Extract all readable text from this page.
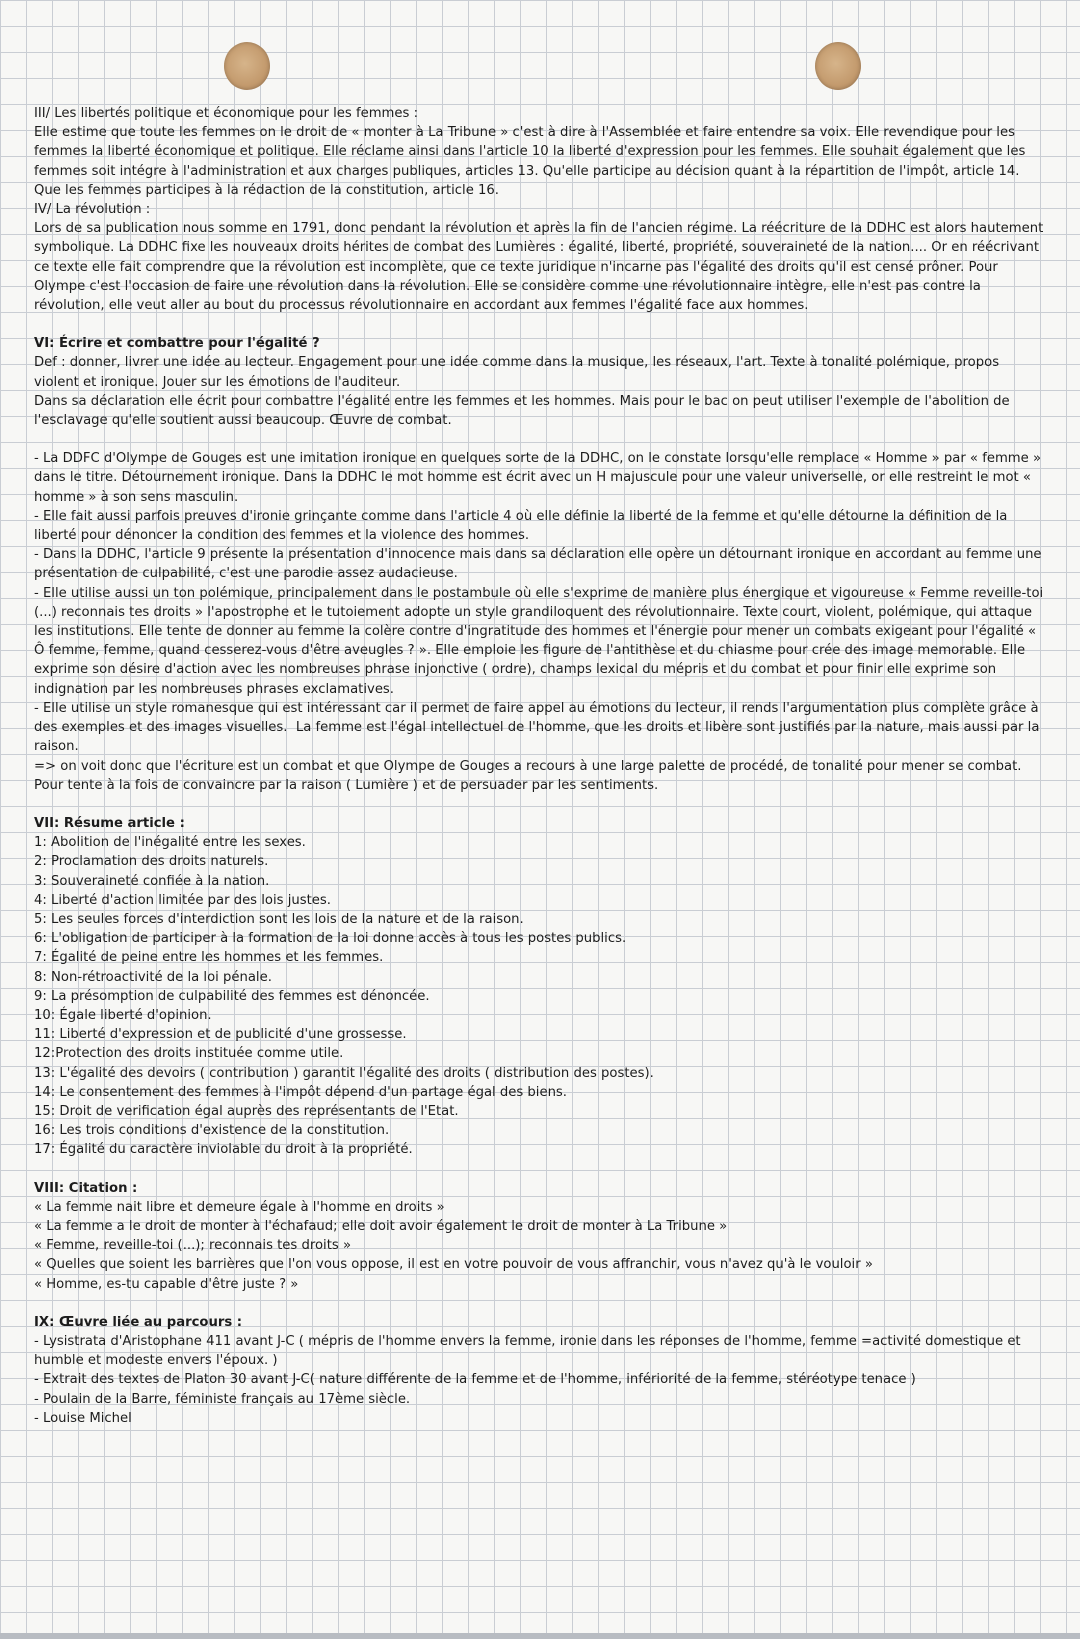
III/ Les libertés politique et économique pour les femmes :

Elle estime que toute les femmes on le droit de « monter à La Tribune » c'est à dire à l'Assemblée et faire entendre sa voix. Elle revendique pour les femmes la liberté économique et politique. Elle réclame ainsi dans l'article 10 la liberté d'expression pour les femmes. Elle souhait également que les femmes soit intégre à l'administration et aux charges publiques, articles 13. Qu'elle participe au décision quant à la répartition de l'impôt, article 14. Que les femmes participes à la rédaction de la constitution, article 16.

IV/ La révolution :

Lors de sa publication nous somme en 1791, donc pendant la révolution et après la fin de l'ancien régime. La réécriture de la DDHC est alors hautement symbolique. La DDHC fixe les nouveaux droits hérites de combat des Lumières : égalité, liberté, propriété, souveraineté de la nation.... Or en réécrivant ce texte elle fait comprendre que la révolution est incomplète, que ce texte juridique n'incarne pas l'égalité des droits qu'il est censé prôner. Pour Olympe c'est l'occasion de faire une révolution dans la révolution. Elle se considère comme une révolutionnaire intègre, elle n'est pas contre la révolution, elle veut aller au bout du processus révolutionnaire en accordant aux femmes l'égalité face aux hommes.

VI: Écrire et combattre pour l'égalité ?

Def : donner, livrer une idée au lecteur. Engagement pour une idée comme dans la musique, les réseaux, l'art. Texte à tonalité polémique, propos violent et ironique. Jouer sur les émotions de l'auditeur.

Dans sa déclaration elle écrit pour combattre l'égalité entre les femmes et les hommes. Mais pour le bac on peut utiliser l'exemple de l'abolition de l'esclavage qu'elle soutient aussi beaucoup. Œuvre de combat.

- La DDFC d'Olympe de Gouges est une imitation ironique en quelques sorte de la DDHC, on le constate lorsqu'elle remplace « Homme » par « femme » dans le titre. Détournement ironique. Dans la DDHC le mot homme est écrit avec un H majuscule pour une valeur universelle, or elle restreint le mot « homme » à son sens masculin.

- Elle fait aussi parfois preuves d'ironie grinçante comme dans l'article 4 où elle définie la liberté de la femme et qu'elle détourne la définition de la liberté pour dénoncer la condition des femmes et la violence des hommes.

- Dans la DDHC, l'article 9 présente la présentation d'innocence mais dans sa déclaration elle opère un détournant ironique en accordant au femme une présentation de culpabilité, c'est une parodie assez audacieuse.

- Elle utilise aussi un ton polémique, principalement dans le postambule où elle s'exprime de manière plus énergique et vigoureuse « Femme reveille-toi (...) reconnais tes droits » l'apostrophe et le tutoiement adopte un style grandiloquent des révolutionnaire. Texte court, violent, polémique, qui attaque les institutions. Elle tente de donner au femme la colère contre d'ingratitude des hommes et l'énergie pour mener un combats exigeant pour l'égalité « Ô femme, femme, quand cesserez-vous d'être aveugles ? ». Elle emploie les figure de l'antithèse et du chiasme pour crée des image memorable. Elle exprime son désire d'action avec les nombreuses phrase injonctive ( ordre), champs lexical du mépris et du combat et pour finir elle exprime son indignation par les nombreuses phrases exclamatives.

- Elle utilise un style romanesque qui est intéressant car il permet de faire appel au émotions du lecteur, il rends l'argumentation plus complète grâce à des exemples et des images visuelles.  La femme est l'égal intellectuel de l'homme, que les droits et libère sont justifiés par la nature, mais aussi par la raison.

=> on voit donc que l'écriture est un combat et que Olympe de Gouges a recours à une large palette de procédé, de tonalité pour mener se combat. Pour tente à la fois de convaincre par la raison ( Lumière ) et de persuader par les sentiments.

VII: Résume article :

1: Abolition de l'inégalité entre les sexes.
2: Proclamation des droits naturels.
3: Souveraineté confiée à la nation.
4: Liberté d'action limitée par des lois justes.
5: Les seules forces d'interdiction sont les lois de la nature et de la raison.
6: L'obligation de participer à la formation de la loi donne accès à tous les postes publics.
7: Égalité de peine entre les hommes et les femmes.
8: Non-rétroactivité de la loi pénale.
9: La présomption de culpabilité des femmes est dénoncée.
10: Égale liberté d'opinion.
11: Liberté d'expression et de publicité d'une grossesse.
12:Protection des droits instituée comme utile.
13: L'égalité des devoirs ( contribution ) garantit l'égalité des droits ( distribution des postes).
14: Le consentement des femmes à l'impôt dépend d'un partage égal des biens.
15: Droit de verification égal auprès des représentants de l'Etat.
16: Les trois conditions d'existence de la constitution.
17: Égalité du caractère inviolable du droit à la propriété.

VIII: Citation :

« La femme nait libre et demeure égale à l'homme en droits »
« La femme a le droit de monter à l'échafaud; elle doit avoir également le droit de monter à La Tribune »
« Femme, reveille-toi (...); reconnais tes droits »
« Quelles que soient les barrières que l'on vous oppose, il est en votre pouvoir de vous affranchir, vous n'avez qu'à le vouloir »
« Homme, es-tu capable d'être juste ? »

IX: Œuvre liée au parcours :

- Lysistrata d'Aristophane 411 avant J-C ( mépris de l'homme envers la femme, ironie dans les réponses de l'homme, femme =activité domestique et humble et modeste envers l'époux. )
- Extrait des textes de Platon 30 avant J-C( nature différente de la femme et de l'homme, infériorité de la femme, stéréotype tenace )
- Poulain de la Barre, féministe français au 17ème siècle.
- Louise Michel
